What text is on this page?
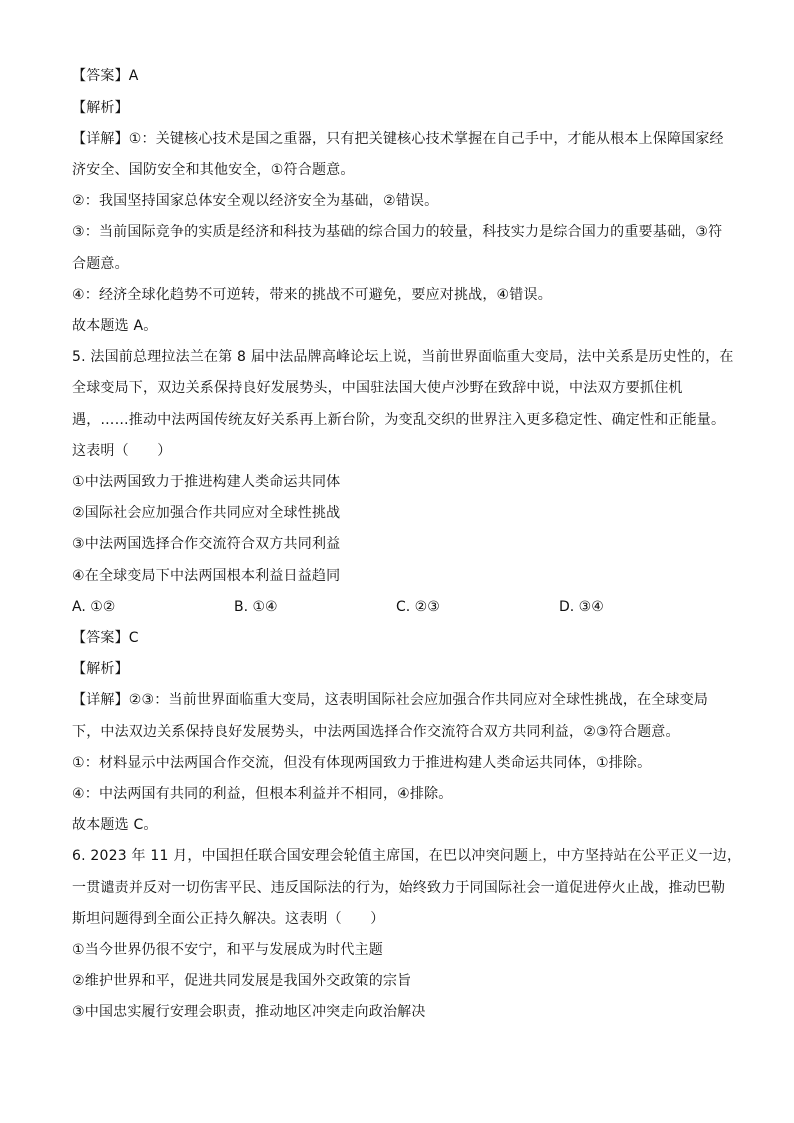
【答案】A
【解析】
【详解】①：关键核心技术是国之重器，只有把关键核心技术掌握在自己手中，才能从根本上保障国家经
济安全、国防安全和其他安全，①符合题意。
②：我国坚持国家总体安全观以经济安全为基础，②错误。
③：当前国际竞争的实质是经济和科技为基础的综合国力的较量，科技实力是综合国力的重要基础，③符
合题意。
④：经济全球化趋势不可逆转，带来的挑战不可避免，要应对挑战，④错误。
故本题选 A。
5. 法国前总理拉法兰在第 8 届中法品牌高峰论坛上说，当前世界面临重大变局，法中关系是历史性的，在
全球变局下，双边关系保持良好发展势头，中国驻法国大使卢沙野在致辞中说，中法双方要抓住机
遇，……推动中法两国传统友好关系再上新台阶，为变乱交织的世界注入更多稳定性、确定性和正能量。
这表明（　　）
①中法两国致力于推进构建人类命运共同体
②国际社会应加强合作共同应对全球性挑战
③中法两国选择合作交流符合双方共同利益
④在全球变局下中法两国根本利益日益趋同
A. ①②	B. ①④	C. ②③	D. ③④
【答案】C
【解析】
【详解】②③：当前世界面临重大变局，这表明国际社会应加强合作共同应对全球性挑战，在全球变局
下，中法双边关系保持良好发展势头，中法两国选择合作交流符合双方共同利益，②③符合题意。
①：材料显示中法两国合作交流，但没有体现两国致力于推进构建人类命运共同体，①排除。
④：中法两国有共同的利益，但根本利益并不相同，④排除。
故本题选 C。
6. 2023 年 11 月，中国担任联合国安理会轮值主席国，在巴以冲突问题上，中方坚持站在公平正义一边，
一贯谴责并反对一切伤害平民、违反国际法的行为，始终致力于同国际社会一道促进停火止战，推动巴勒
斯坦问题得到全面公正持久解决。这表明（　　）
①当今世界仍很不安宁，和平与发展成为时代主题
②维护世界和平，促进共同发展是我国外交政策的宗旨
③中国忠实履行安理会职责，推动地区冲突走向政治解决
